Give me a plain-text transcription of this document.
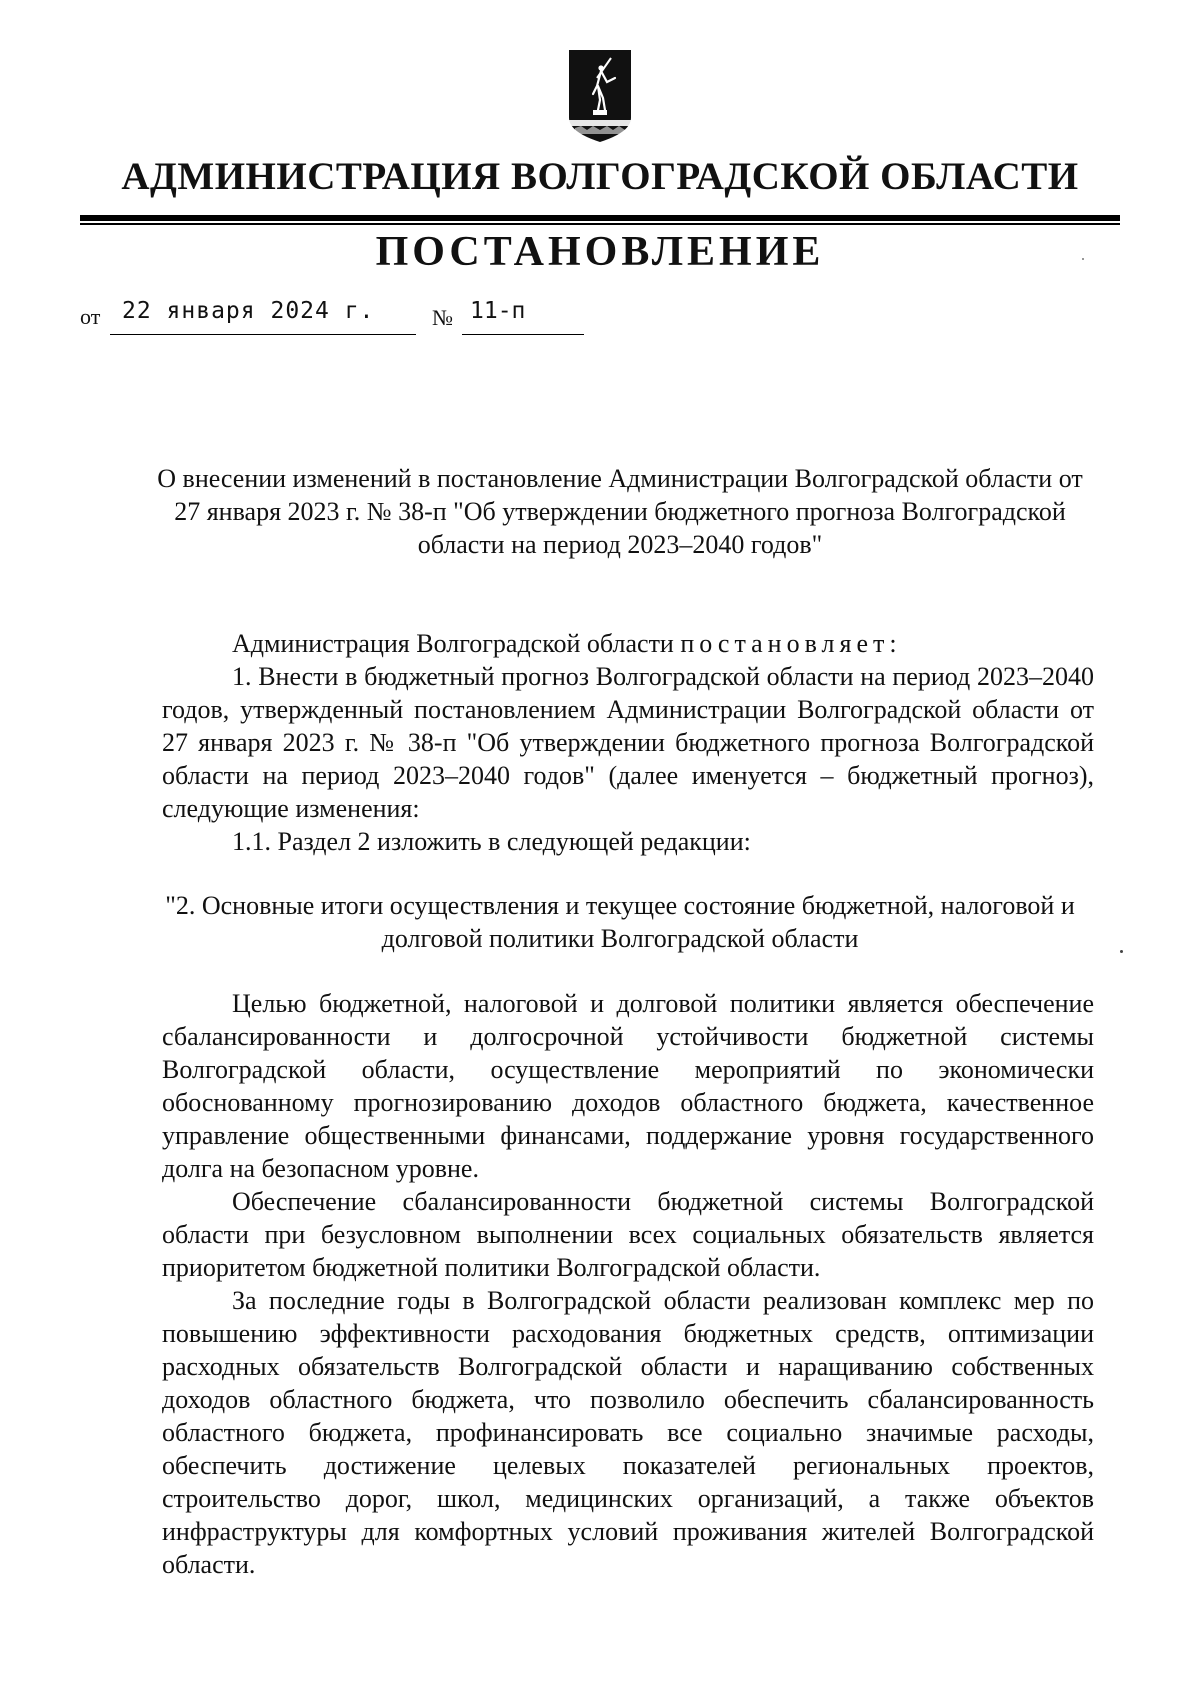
АДМИНИСТРАЦИЯ ВОЛГОГРАДСКОЙ ОБЛАСТИ
ПОСТАНОВЛЕНИЕ
от 22 января 2024 г.	№ 11-п
О внесении изменений в постановление Администрации Волгоградской области от 27 января 2023 г. № 38-п "Об утверждении бюджетного прогноза Волгоградской области на период 2023–2040 годов"

Администрация Волгоградской области постановляет:

1. Внести в бюджетный прогноз Волгоградской области на период 2023–2040 годов, утвержденный постановлением Администрации Волгоградской области от 27 января 2023 г. № 38-п "Об утверждении бюджетного прогноза Волгоградской области на период 2023–2040 годов" (далее именуется – бюджетный прогноз), следующие изменения:

1.1. Раздел 2 изложить в следующей редакции:

"2. Основные итоги осуществления и текущее состояние бюджетной, налоговой и долговой политики Волгоградской области

Целью бюджетной, налоговой и долговой политики является обеспечение сбалансированности и долгосрочной устойчивости бюджетной системы Волгоградской области, осуществление мероприятий по экономически обоснованному прогнозированию доходов областного бюджета, качественное управление общественными финансами, поддержание уровня государственного долга на безопасном уровне.

Обеспечение сбалансированности бюджетной системы Волгоградской области при безусловном выполнении всех социальных обязательств является приоритетом бюджетной политики Волгоградской области.

За последние годы в Волгоградской области реализован комплекс мер по повышению эффективности расходования бюджетных средств, оптимизации расходных обязательств Волгоградской области и наращиванию собственных доходов областного бюджета, что позволило обеспечить сбалансированность областного бюджета, профинансировать все социально значимые расходы, обеспечить достижение целевых показателей региональных проектов, строительство дорог, школ, медицинских организаций, а также объектов инфраструктуры для комфортных условий проживания жителей Волгоградской области.
